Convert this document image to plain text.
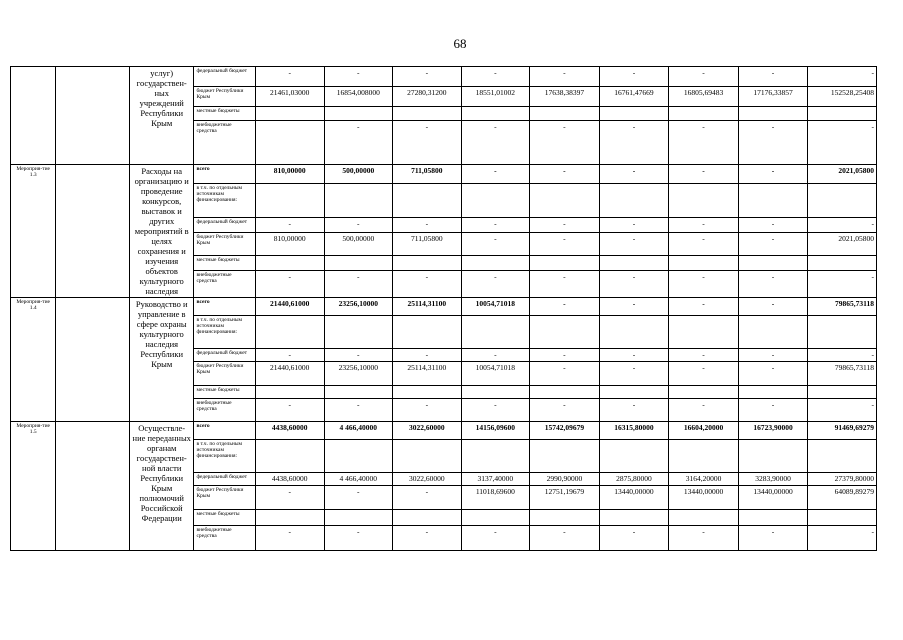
68
		услуг) государствен-ных учреждений Республики Крым	федеральный бюджет	-	-	-	-	-	-	-	-	-
			бюджет Республики Крым	21461,03000	16854,008000	27280,31200	18551,01002	17638,38397	16761,47669	16805,69483	17176,33857	152528,25408
			местные бюджеты									
			внебюджетные средства		-	-	-	-	-	-	-	-
Мероприя-тие 1.3		Расходы на организацию и проведение конкурсов, выставок и других мероприятий в целях сохранения и изучения объектов культурного наследия	всего	810,00000	500,00000	711,05800	-	-	-	-	-	2021,05800
			в т.ч. по отдельным источникам финансирования:									
			федеральный бюджет	-	-	-	-	-	-	-	-	-
			бюджет Республики Крым	810,00000	500,00000	711,05800	-	-	-	-	-	2021,05800
			местные бюджеты									
			внебюджетные средства	-	-	-	-	-	-	-	-	-
Мероприя-тие 1.4		Руководство и управление в сфере охраны культурного наследия Республики Крым	всего	21440,61000	23256,10000	25114,31100	10054,71018	-	-	-	-	79865,73118
			в т.ч. по отдельным источникам финансирования:									
			федеральный бюджет	-	-	-	-	-	-	-	-	-
			бюджет Республики Крым	21440,61000	23256,10000	25114,31100	10054,71018	-	-	-	-	79865,73118
			местные бюджеты									
			внебюджетные средства	-	-	-	-	-	-	-	-	-
Мероприя-тие 1.5		Осуществле-ние переданных органам государствен-ной власти Республики Крым полномочий Российской Федерации	всего	4438,60000	4 466,40000	3022,60000	14156,09600	15742,09679	16315,80000	16604,20000	16723,90000	91469,69279
			в т.ч. по отдельным источникам финансирования:									
			федеральный бюджет	4438,60000	4 466,40000	3022,60000	3137,40000	2990,90000	2875,80000	3164,20000	3283,90000	27379,80000
			бюджет Республики Крым	-	-	-	11018,69600	12751,19679	13440,00000	13440,00000	13440,00000	64089,89279
			местные бюджеты									
			внебюджетные средства	-	-	-	-	-	-	-	-	-
